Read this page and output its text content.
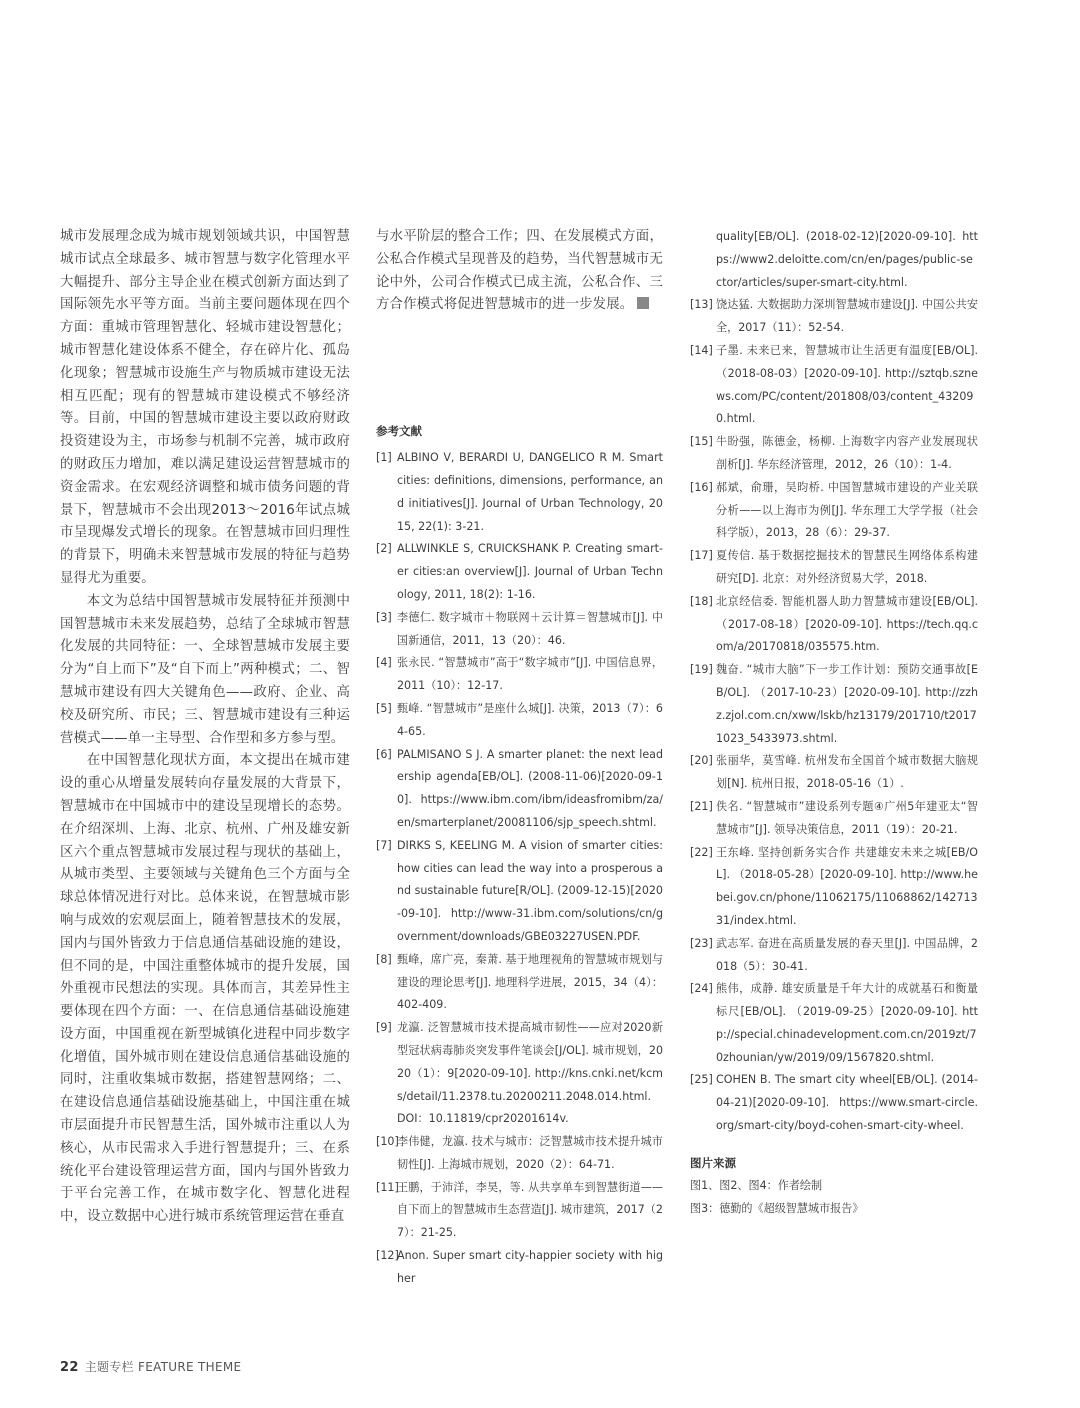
城市发展理念成为城市规划领域共识，中国智慧城市试点全球最多、城市智慧与数字化管理水平大幅提升、部分主导企业在模式创新方面达到了国际领先水平等方面。当前主要问题体现在四个方面：重城市管理智慧化、轻城市建设智慧化；城市智慧化建设体系不健全，存在碎片化、孤岛化现象；智慧城市设施生产与物质城市建设无法相互匹配；现有的智慧城市建设模式不够经济等。目前，中国的智慧城市建设主要以政府财政投资建设为主，市场参与机制不完善，城市政府的财政压力增加，难以满足建设运营智慧城市的资金需求。在宏观经济调整和城市债务问题的背景下，智慧城市不会出现2013～2016年试点城市呈现爆发式增长的现象。在智慧城市回归理性的背景下，明确未来智慧城市发展的特征与趋势显得尤为重要。

本文为总结中国智慧城市发展特征并预测中国智慧城市未来发展趋势，总结了全球城市智慧化发展的共同特征：一、全球智慧城市发展主要分为“自上而下”及“自下而上”两种模式；二、智慧城市建设有四大关键角色——政府、企业、高校及研究所、市民；三、智慧城市建设有三种运营模式——单一主导型、合作型和多方参与型。

在中国智慧化现状方面，本文提出在城市建设的重心从增量发展转向存量发展的大背景下，智慧城市在中国城市中的建设呈现增长的态势。在介绍深圳、上海、北京、杭州、广州及雄安新区六个重点智慧城市发展过程与现状的基础上，从城市类型、主要领域与关键角色三个方面与全球总体情况进行对比。总体来说，在智慧城市影响与成效的宏观层面上，随着智慧技术的发展，国内与国外皆致力于信息通信基础设施的建设，但不同的是，中国注重整体城市的提升发展，国外重视市民想法的实现。具体而言，其差异性主要体现在四个方面：一、在信息通信基础设施建设方面，中国重视在新型城镇化进程中同步数字化增值，国外城市则在建设信息通信基础设施的同时，注重收集城市数据，搭建智慧网络；二、在建设信息通信基础设施基础上，中国注重在城市层面提升市民智慧生活，国外城市注重以人为核心，从市民需求入手进行智慧提升；三、在系统化平台建设管理运营方面，国内与国外皆致力于平台完善工作，在城市数字化、智慧化进程中，设立数据中心进行城市系统管理运营在垂直

与水平阶层的整合工作；四、在发展模式方面，公私合作模式呈现普及的趋势，当代智慧城市无论中外，公司合作模式已成主流，公私合作、三方合作模式将促进智慧城市的进一步发展。

参考文献
[1] ALBINO V, BERARDI U, DANGELICO R M. Smart cities: definitions, dimensions, performance, and initiatives[J]. Journal of Urban Technology, 2015, 22(1): 3-21.
[2] ALLWINKLE S, CRUICKSHANK P. Creating smart-er cities:an overview[J]. Journal of Urban Technology, 2011, 18(2): 1-16.
[3] 李德仁. 数字城市＋物联网＋云计算＝智慧城市[J]. 中国新通信，2011，13（20）：46.
[4] 张永民. “智慧城市”高于“数字城市”[J]. 中国信息界，2011（10）：12-17.
[5] 甄峰. “智慧城市”是座什么城[J]. 决策，2013（7）：64-65.
[6] PALMISANO S J. A smarter planet: the next leadership agenda[EB/OL]. (2008-11-06)[2020-09-10]. https://www.ibm.com/ibm/ideasfromibm/za/en/smarterplanet/20081106/sjp_speech.shtml.
[7] DIRKS S, KEELING M. A vision of smarter cities: how cities can lead the way into a prosperous and sustainable future[R/OL]. (2009-12-15)[2020-09-10]. http://www-31.ibm.com/solutions/cn/government/downloads/GBE03227USEN.PDF.
[8] 甄峰，席广亮，秦萧. 基于地理视角的智慧城市规划与建设的理论思考[J]. 地理科学进展，2015，34（4）：402-409.
[9] 龙瀛. 泛智慧城市技术提高城市韧性——应对2020新型冠状病毒肺炎突发事件笔谈会[J/OL]. 城市规划，2020（1）：9[2020-09-10]. http://kns.cnki.net/kcms/detail/11.2378.tu.20200211.2048.014.html. DOI：10.11819/cpr20201614v.
[10]
李伟健，龙瀛. 技术与城市：泛智慧城市技术提升城市韧性[J]. 上海城市规划，2020（2）：64-71.
[11]
王鹏，于沛洋，李昊，等. 从共享单车到智慧街道——自下而上的智慧城市生态营造[J]. 城市建筑，2017（27）：21-25.
[12]
Anon. Super smart city-happier society with higher
quality[EB/OL]. (2018-02-12)[2020-09-10]. https://www2.deloitte.com/cn/en/pages/public-sector/articles/super-smart-city.html.
[13] 饶达猛. 大数据助力深圳智慧城市建设[J]. 中国公共安全，2017（11）：52-54.
[14] 子墨. 未来已来，智慧城市让生活更有温度[EB/OL]. （2018-08-03）[2020-09-10]. http://sztqb.sznews.com/PC/content/201808/03/content_432090.html.
[15] 牛盼强，陈德金，杨柳. 上海数字内容产业发展现状剖析[J]. 华东经济管理，2012，26（10）：1-4.
[16] 郝斌，俞珊，吴昀桥. 中国智慧城市建设的产业关联分析——以上海市为例[J]. 华东理工大学学报（社会科学版），2013，28（6）：29-37.
[17] 夏传信. 基于数据挖掘技术的智慧民生网络体系构建研究[D]. 北京：对外经济贸易大学，2018.
[18] 北京经信委. 智能机器人助力智慧城市建设[EB/OL]. （2017-08-18）[2020-09-10]. https://tech.qq.com/a/20170818/035575.htm.
[19] 魏奋. “城市大脑”下一步工作计划：预防交通事故[EB/OL]. （2017-10-23）[2020-09-10]. http://zzhz.zjol.com.cn/xww/lskb/hz13179/201710/t20171023_5433973.shtml.
[20] 张丽华，莫雪峰. 杭州发布全国首个城市数据大脑规划[N]. 杭州日报，2018-05-16（1）.
[21] 佚名. “智慧城市”建设系列专题④广州5年建亚太“智慧城市”[J]. 领导决策信息，2011（19）：20-21.
[22] 王东峰. 坚持创新务实合作 共建雄安未来之城[EB/OL]. （2018-05-28）[2020-09-10]. http://www.hebei.gov.cn/phone/11062175/11068862/14271331/index.html.
[23] 武志军. 奋进在高质量发展的春天里[J]. 中国品牌，2018（5）：30-41.
[24] 熊伟，成静. 雄安质量是千年大计的成就基石和衡量标尺[EB/OL]. （2019-09-25）[2020-09-10]. http://special.chinadevelopment.com.cn/2019zt/70zhounian/yw/2019/09/1567820.shtml.
[25] COHEN B. The smart city wheel[EB/OL]. (2014-04-21)[2020-09-10]. https://www.smart-circle.org/smart-city/boyd-cohen-smart-city-wheel.
图片来源

图1、图2、图4：作者绘制

图3：德勤的《超级智慧城市报告》

22 主题专栏 FEATURE THEME
